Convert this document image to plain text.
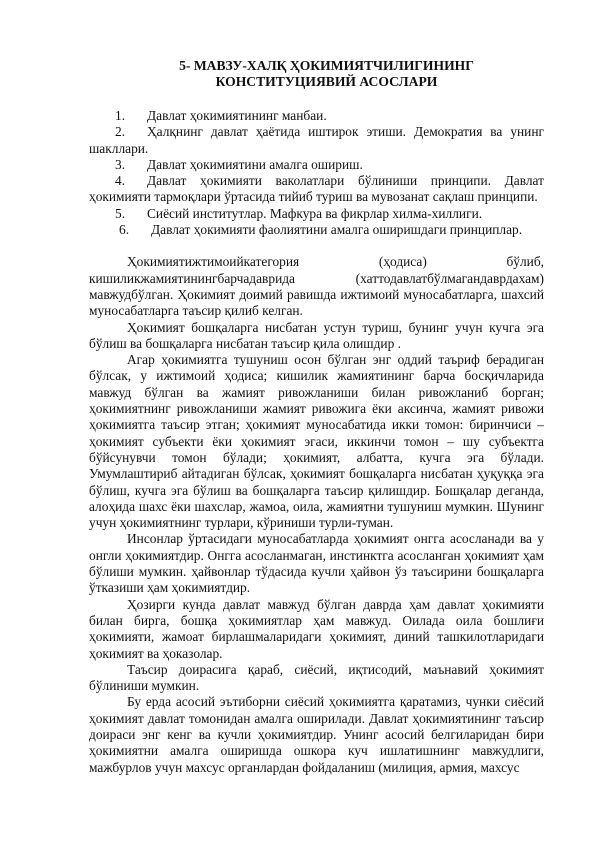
5- МАВЗУ-ХАЛҚ ҲОКИМИЯТЧИЛИГИНИНГ
КОНСТИТУЦИЯВИЙ АСОСЛАРИ
1. Давлат ҳокимиятининг манбаи.
2. Ҳалқнинг давлат ҳаётида иштирок этиши. Демократия ва унинг шакллари.
3. Давлат ҳокимиятини амалга ошириш.
4. Давлат ҳокимияти ваколатлари бўлиниши принципи. Давлат ҳокимияти тармоқлари ўртасида тийиб туриш ва мувозанат сақлаш принципи.
5. Сиёсий институтлар. Мафкура ва фикрлар хилма-хиллиги.
6. Давлат ҳокимияти фаолиятини амалга оширишдаги принциплар.

Ҳокимиятижтимоийкатегория (ҳодиса) бўлиб, кишиликжамиятинингбарчадаврида (хаттодавлатбўлмагандаврдахам) мавжудбўлган. Ҳокимият доимий равишда ижтимоий муносабатларга, шахсий муносабатларга таъсир қилиб келган.

Ҳокимият бошқаларга нисбатан устун туриш, бунинг учун кучга эга бўлиш ва бошқаларга нисбатан таъсир қила олишдир .

Агар ҳокимиятга тушуниш осон бўлган энг оддий таъриф берадиган бўлсак, у ижтимоий ҳодиса; кишилик жамиятининг барча босқичларида мавжуд бўлган ва жамият ривожланиши билан ривожланиб борган; ҳокимиятнинг ривожланиши жамият ривожига ёки аксинча, жамият ривожи ҳокимиятга таъсир этган; ҳокимият муносабатида икки томон: биринчиси – ҳокимият субъекти ёки ҳокимият эгаси, иккинчи томон – шу субъектга бўйсунувчи томон бўлади; ҳокимият, албатта, кучга эга бўлади. Умумлаштириб айтадиган бўлсак, ҳокимият бошқаларга нисбатан ҳуқуққа эга бўлиш, кучга эга бўлиш ва бошқаларга таъсир қилишдир. Бошқалар деганда, алоҳида шахс ёки шахслар, жамоа, оила, жамиятни тушуниш мумкин. Шунинг учун ҳокимиятнинг турлари, кўриниши турли-туман.

Инсонлар ўртасидаги муносабатларда ҳокимият онгга асосланади ва у онгли ҳокимиятдир. Онгга асосланмаган, инстинктга асосланган ҳокимият ҳам бўлиши мумкин. ҳайвонлар тўдасида кучли ҳайвон ўз таъсирини бошқаларга ўтказиши ҳам ҳокимиятдир.

Ҳозирги кунда давлат мавжуд бўлган даврда ҳам давлат ҳокимияти билан бирга, бошқа ҳокимиятлар ҳам мавжуд. Оилада оила бошлиғи ҳокимияти, жамоат бирлашмаларидаги ҳокимият, диний ташкилотларидаги ҳокимият ва ҳоказолар.

Таъсир доирасига қараб, сиёсий, иқтисодий, маънавий ҳокимият бўлиниши мумкин.

Бу ерда асосий эътиборни сиёсий ҳокимиятга қаратамиз, чунки сиёсий ҳокимият давлат томонидан амалга оширилади. Давлат ҳокимиятининг таъсир доираси энг кенг ва кучли ҳокимиятдир. Унинг асосий белгиларидан бири ҳокимиятни амалга оширишда ошкора куч ишлатишнинг мавжудлиги, мажбурлов учун махсус органлардан фойдаланиш (милиция, армия, махсус
